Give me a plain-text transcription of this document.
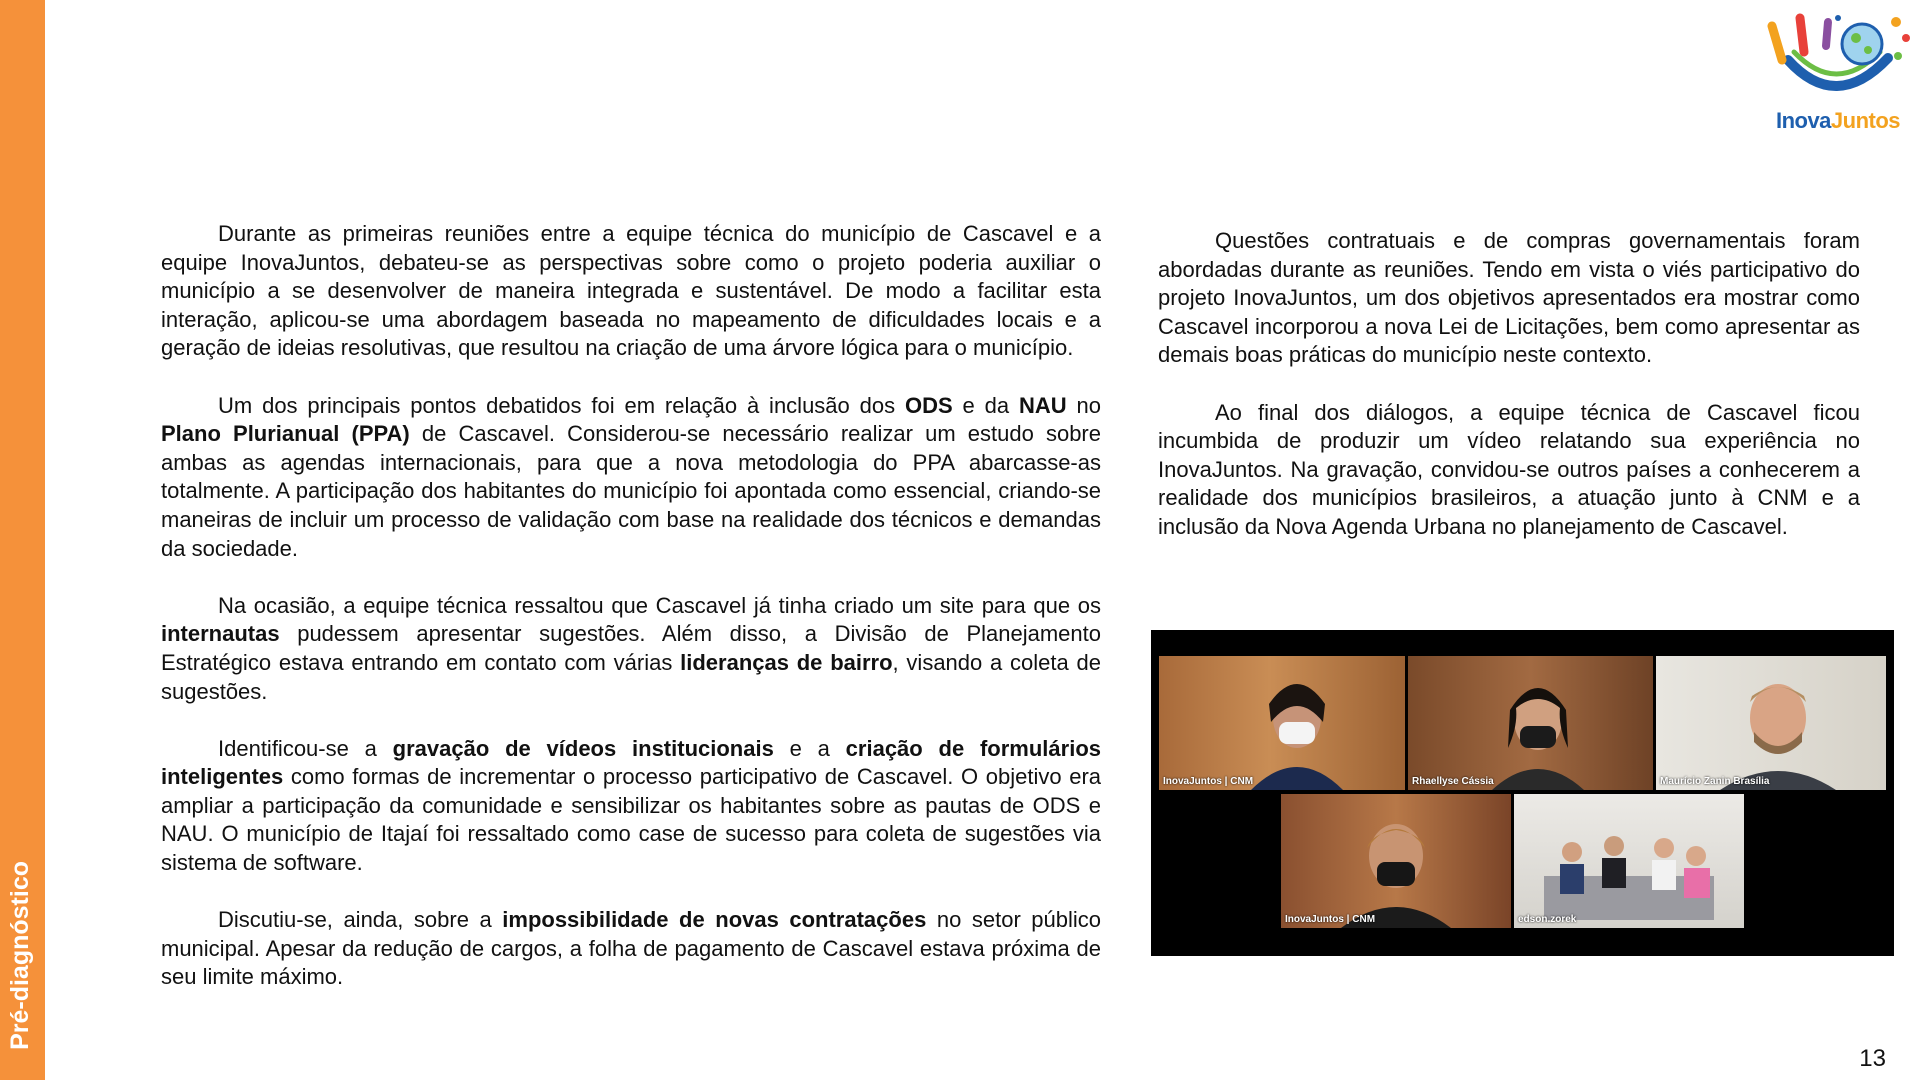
Pré-diagnóstico
InovaJuntos

Durante as primeiras reuniões entre a equipe técnica do município de Cascavel e a equipe InovaJuntos, debateu-se as perspectivas sobre como o projeto poderia auxiliar o município a se desenvolver de maneira integrada e sustentável. De modo a facilitar esta interação, aplicou-se uma abordagem baseada no mapeamento de dificuldades locais e a geração de ideias resolutivas, que resultou na criação de uma árvore lógica para o município.

Um dos principais pontos debatidos foi em relação à inclusão dos ODS e da NAU no Plano Plurianual (PPA) de Cascavel. Considerou-se necessário realizar um estudo sobre ambas as agendas internacionais, para que a nova metodologia do PPA abarcasse-as totalmente. A participação dos habitantes do município foi apontada como essencial, criando-se maneiras de incluir um processo de validação com base na realidade dos técnicos e demandas da sociedade.

Na ocasião, a equipe técnica ressaltou que Cascavel já tinha criado um site para que os internautas pudessem apresentar sugestões. Além disso, a Divisão de Planejamento Estratégico estava entrando em contato com várias lideranças de bairro, visando a coleta de sugestões.

Identificou-se a gravação de vídeos institucionais e a criação de formulários inteligentes como formas de incrementar o processo participativo de Cascavel. O objetivo era ampliar a participação da comunidade e sensibilizar os habitantes sobre as pautas de ODS e NAU. O município de Itajaí foi ressaltado como case de sucesso para coleta de sugestões via sistema de software.

Discutiu-se, ainda, sobre a impossibilidade de novas contratações no setor público municipal. Apesar da redução de cargos, a folha de pagamento de Cascavel estava próxima de seu limite máximo.

Questões contratuais e de compras governamentais foram abordadas durante as reuniões. Tendo em vista o viés participativo do projeto InovaJuntos, um dos objetivos apresentados era mostrar como Cascavel incorporou a nova Lei de Licitações, bem como apresentar as demais boas práticas do município neste contexto.

Ao final dos diálogos, a equipe técnica de Cascavel ficou incumbida de produzir um vídeo relatando sua experiência no InovaJuntos. Na gravação, convidou-se outros países a conhecerem a realidade dos municípios brasileiros, a atuação junto à CNM e a inclusão da Nova Agenda Urbana no planejamento de Cascavel.

InovaJuntos | CNM	Rhaellyse Cássia	Maurício Zanin Brasília
InovaJuntos | CNM	edson.zorek
13
